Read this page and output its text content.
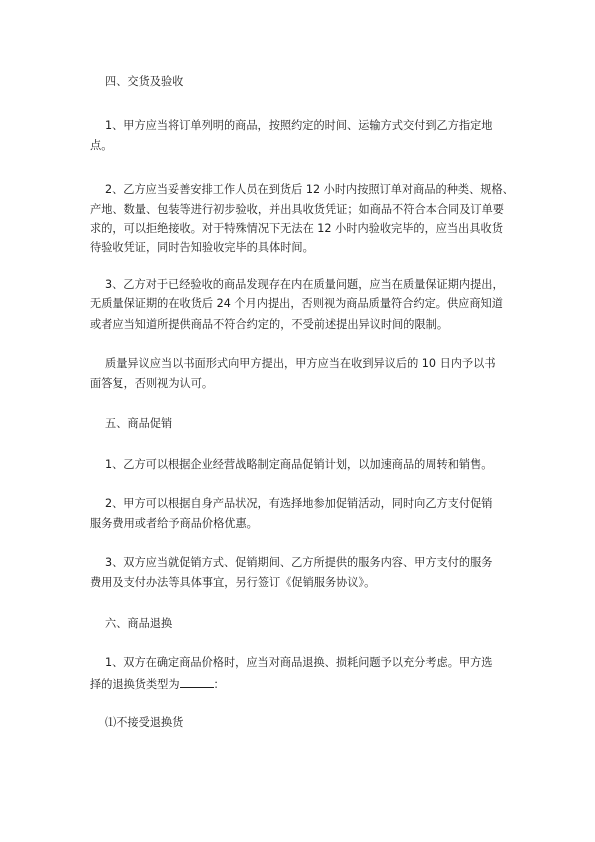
四、交货及验收
1、甲方应当将订单列明的商品，按照约定的时间、运输方式交付到乙方指定地
点。
2、乙方应当妥善安排工作人员在到货后 12 小时内按照订单对商品的种类、规格、
产地、数量、包装等进行初步验收，并出具收货凭证；如商品不符合本合同及订单要
求的，可以拒绝接收。对于特殊情况下无法在 12 小时内验收完毕的，应当出具收货
待验收凭证，同时告知验收完毕的具体时间。
3、乙方对于已经验收的商品发现存在内在质量问题，应当在质量保证期内提出，
无质量保证期的在收货后 24 个月内提出，否则视为商品质量符合约定。供应商知道
或者应当知道所提供商品不符合约定的，不受前述提出异议时间的限制。
质量异议应当以书面形式向甲方提出，甲方应当在收到异议后的 10 日内予以书
面答复，否则视为认可。
五、商品促销
1、乙方可以根据企业经营战略制定商品促销计划，以加速商品的周转和销售。
2、甲方可以根据自身产品状况，有选择地参加促销活动，同时向乙方支付促销
服务费用或者给予商品价格优惠。
3、双方应当就促销方式、促销期间、乙方所提供的服务内容、甲方支付的服务
费用及支付办法等具体事宜，另行签订《促销服务协议》。
六、商品退换
1、双方在确定商品价格时，应当对商品退换、损耗问题予以充分考虑。甲方选
择的退换货类型为	：
⑴不接受退换货
